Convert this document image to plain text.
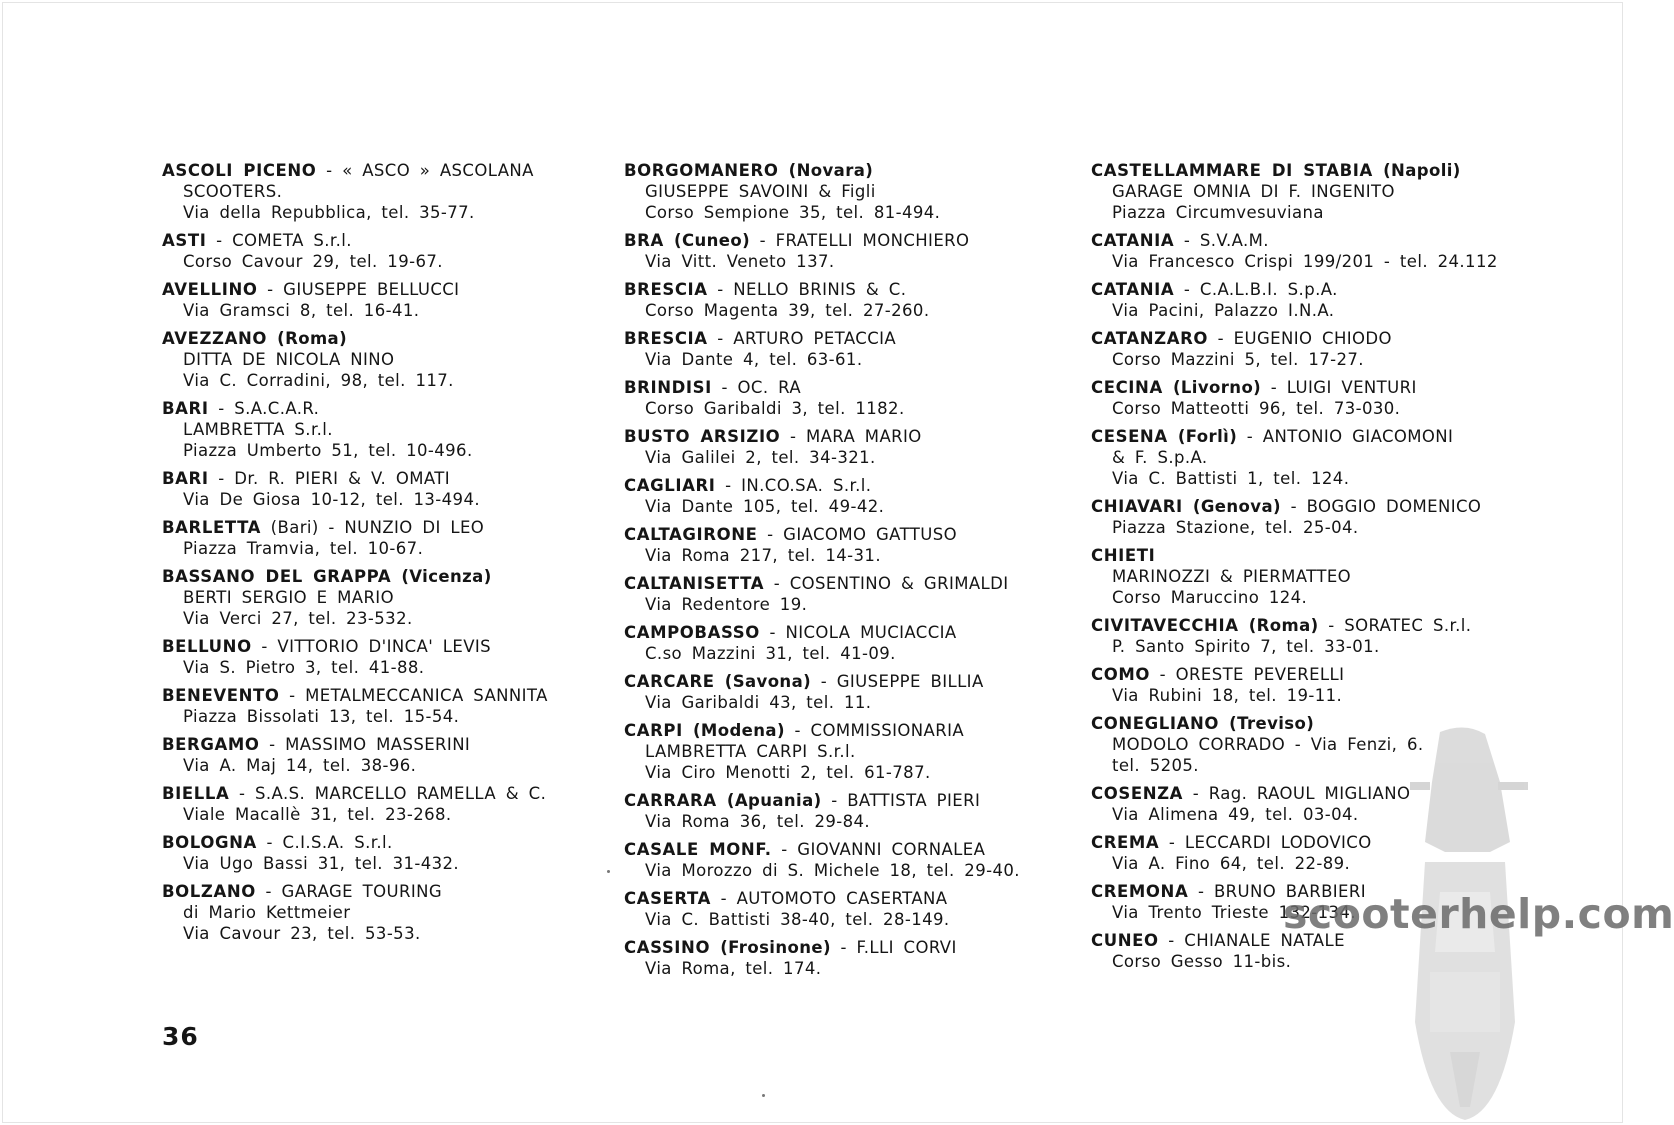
ASCOLI PICENO - « ASCO » ASCOLANA
SCOOTERS.
Via della Repubblica, tel. 35-77.
ASTI - COMETA S.r.l.
Corso Cavour 29, tel. 19-67.
AVELLINO - GIUSEPPE BELLUCCI
Via Gramsci 8, tel. 16-41.
AVEZZANO (Roma)
DITTA DE NICOLA NINO
Via C. Corradini, 98, tel. 117.
BARI - S.A.C.A.R.
LAMBRETTA S.r.l.
Piazza Umberto 51, tel. 10-496.
BARI - Dr. R. PIERI & V. OMATI
Via De Giosa 10-12, tel. 13-494.
BARLETTA (Bari) - NUNZIO DI LEO
Piazza Tramvia, tel. 10-67.
BASSANO DEL GRAPPA (Vicenza)
BERTI SERGIO E MARIO
Via Verci 27, tel. 23-532.
BELLUNO - VITTORIO D'INCA' LEVIS
Via S. Pietro 3, tel. 41-88.
BENEVENTO - METALMECCANICA SANNITA
Piazza Bissolati 13, tel. 15-54.
BERGAMO - MASSIMO MASSERINI
Via A. Maj 14, tel. 38-96.
BIELLA - S.A.S. MARCELLO RAMELLA & C.
Viale Macallè 31, tel. 23-268.
BOLOGNA - C.I.S.A. S.r.l.
Via Ugo Bassi 31, tel. 31-432.
BOLZANO - GARAGE TOURING
di Mario Kettmeier
Via Cavour 23, tel. 53-53.
BORGOMANERO (Novara)
GIUSEPPE SAVOINI & Figli
Corso Sempione 35, tel. 81-494.
BRA (Cuneo) - FRATELLI MONCHIERO
Via Vitt. Veneto 137.
BRESCIA - NELLO BRINIS & C.
Corso Magenta 39, tel. 27-260.
BRESCIA - ARTURO PETACCIA
Via Dante 4, tel. 63-61.
BRINDISI - OC. RA
Corso Garibaldi 3, tel. 1182.
BUSTO ARSIZIO - MARA MARIO
Via Galilei 2, tel. 34-321.
CAGLIARI - IN.CO.SA. S.r.l.
Via Dante 105, tel. 49-42.
CALTAGIRONE - GIACOMO GATTUSO
Via Roma 217, tel. 14-31.
CALTANISETTA - COSENTINO & GRIMALDI
Via Redentore 19.
CAMPOBASSO - NICOLA MUCIACCIA
C.so Mazzini 31, tel. 41-09.
CARCARE (Savona) - GIUSEPPE BILLIA
Via Garibaldi 43, tel. 11.
CARPI (Modena) - COMMISSIONARIA
LAMBRETTA CARPI S.r.l.
Via Ciro Menotti 2, tel. 61-787.
CARRARA (Apuania) - BATTISTA PIERI
Via Roma 36, tel. 29-84.
CASALE MONF. - GIOVANNI CORNALEA
Via Morozzo di S. Michele 18, tel. 29-40.
CASERTA - AUTOMOTO CASERTANA
Via C. Battisti 38-40, tel. 28-149.
CASSINO (Frosinone) - F.LLI CORVI
Via Roma, tel. 174.
CASTELLAMMARE DI STABIA (Napoli)
GARAGE OMNIA DI F. INGENITO
Piazza Circumvesuviana
CATANIA - S.V.A.M.
Via Francesco Crispi 199/201 - tel. 24.112
CATANIA - C.A.L.B.I. S.p.A.
Via Pacini, Palazzo I.N.A.
CATANZARO - EUGENIO CHIODO
Corso Mazzini 5, tel. 17-27.
CECINA (Livorno) - LUIGI VENTURI
Corso Matteotti 96, tel. 73-030.
CESENA (Forlì) - ANTONIO GIACOMONI
& F. S.p.A.
Via C. Battisti 1, tel. 124.
CHIAVARI (Genova) - BOGGIO DOMENICO
Piazza Stazione, tel. 25-04.
CHIETI
MARINOZZI & PIERMATTEO
Corso Maruccino 124.
CIVITAVECCHIA (Roma) - SORATEC S.r.l.
P. Santo Spirito 7, tel. 33-01.
COMO - ORESTE PEVERELLI
Via Rubini 18, tel. 19-11.
CONEGLIANO (Treviso)
MODOLO CORRADO - Via Fenzi, 6.
tel. 5205.
COSENZA - Rag. RAOUL MIGLIANO
Via Alimena 49, tel. 03-04.
CREMA - LECCARDI LODOVICO
Via A. Fino 64, tel. 22-89.
CREMONA - BRUNO BARBIERI
Via Trento Trieste 132-134.
CUNEO - CHIANALE NATALE
Corso Gesso 11-bis.
36
scooterhelp.com
